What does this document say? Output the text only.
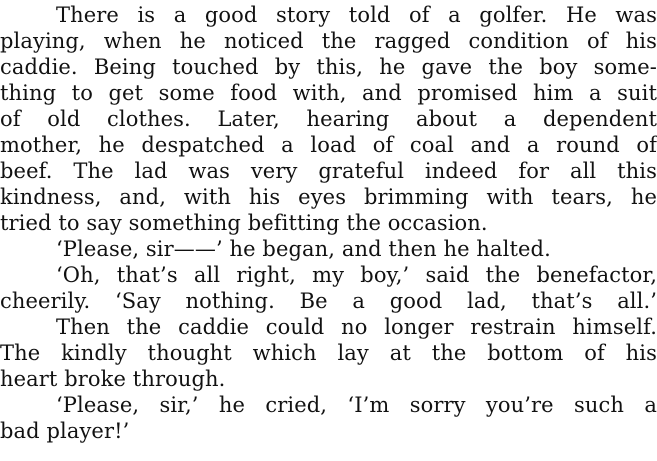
There is a good story told of a golfer. He was
playing, when he noticed the ragged condition of his
caddie. Being touched by this, he gave the boy some-
thing to get some food with, and promised him a suit
of old clothes. Later, hearing about a dependent
mother, he despatched a load of coal and a round of
beef. The lad was very grateful indeed for all this
kindness, and, with his eyes brimming with tears, he
tried to say something befitting the occasion.
‘Please, sir——’ he began, and then he halted.
‘Oh, that’s all right, my boy,’ said the benefactor,
cheerily. ‘Say nothing. Be a good lad, that’s all.’
Then the caddie could no longer restrain himself.
The kindly thought which lay at the bottom of his
heart broke through.
‘Please, sir,’ he cried, ‘I’m sorry you’re such a
bad player!’
